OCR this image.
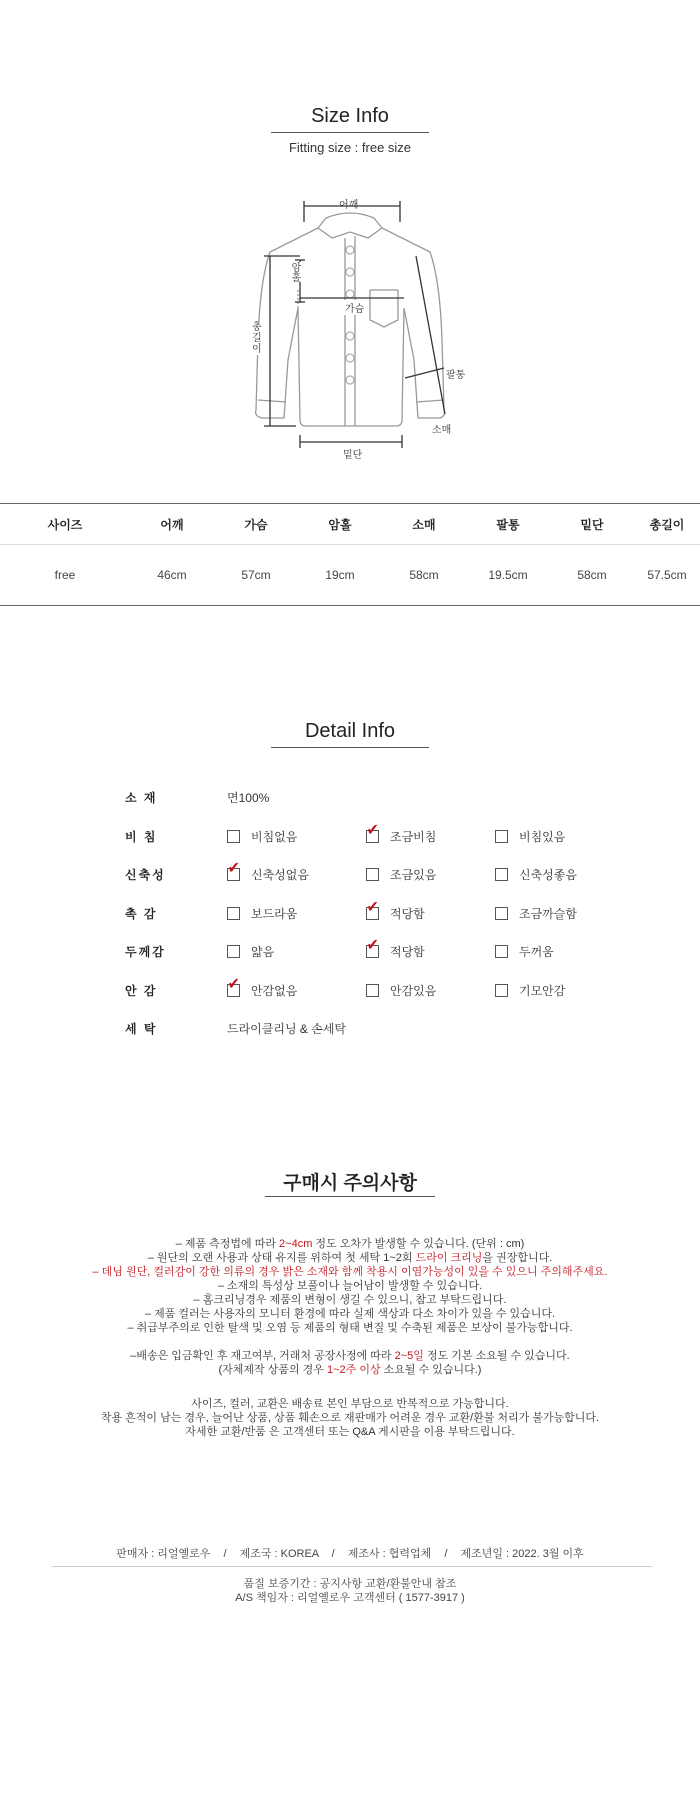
Size Info
Fitting size : free size
어깨
암홀
가슴
총길이
팔통
소매
밑단
사이즈	어깨	가슴	암홀	소매	팔통	밑단	총길이
free	46cm	57cm	19cm	58cm	19.5cm	58cm	57.5cm
Detail Info
소 재	면100%
비 침	비침없음	✔ 조금비침	비침있음
신축성	✔ 신축성없음	조금있음	신축성좋음
촉 감	보드라움	✔ 적당함	조금까슬함
두께감	얇음	✔ 적당함	두꺼움
안 감	✔ 안감없음	안감있음	기모안감
세 탁	드라이클리닝 & 손세탁
구매시 주의사항
– 제품 측정법에 따라 2~4cm 정도 오차가 발생할 수 있습니다. (단위 : cm)
– 원단의 오랜 사용과 상태 유지를 위하여 첫 세탁 1~2회 드라이 크리닝을 권장합니다.
– 데님 원단, 컬러감이 강한 의류의 경우 밝은 소재와 함께 착용시 이염가능성이 있을 수 있으니 주의해주세요.
– 소재의 특성상 보풀이나 늘어남이 발생할 수 있습니다.
– 홈크리닝경우 제품의 변형이 생길 수 있으니, 참고 부탁드립니다.
– 제품 컬러는 사용자의 모니터 환경에 따라 실제 색상과 다소 차이가 있을 수 있습니다.
– 취급부주의로 인한 탈색 및 오염 등 제품의 형태 변질 및 수축된 제품은 보상이 불가능합니다.
–배송은 입금확인 후 재고여부, 거래처 공장사정에 따라 2~5일 정도 기본 소요될 수 있습니다.
(자체제작 상품의 경우 1~2주 이상 소요될 수 있습니다.)
사이즈, 컬러, 교환은 배송료 본인 부담으로 반복적으로 가능합니다.
착용 흔적이 남는 경우, 늘어난 상품, 상품 훼손으로 재판매가 어려운 경우 교환/환불 처리가 불가능합니다.
자세한 교환/반품 은 고객센터 또는 Q&A 게시판을 이용 부탁드립니다.
판매자 : 리얼옐로우 / 제조국 : KOREA / 제조사 : 협력업체 / 제조년일 : 2022. 3월 이후
품질 보증기간 : 공지사항 교환/환불안내 참조
A/S 책임자 : 리얼옐로우 고객센터 ( 1577-3917 )
